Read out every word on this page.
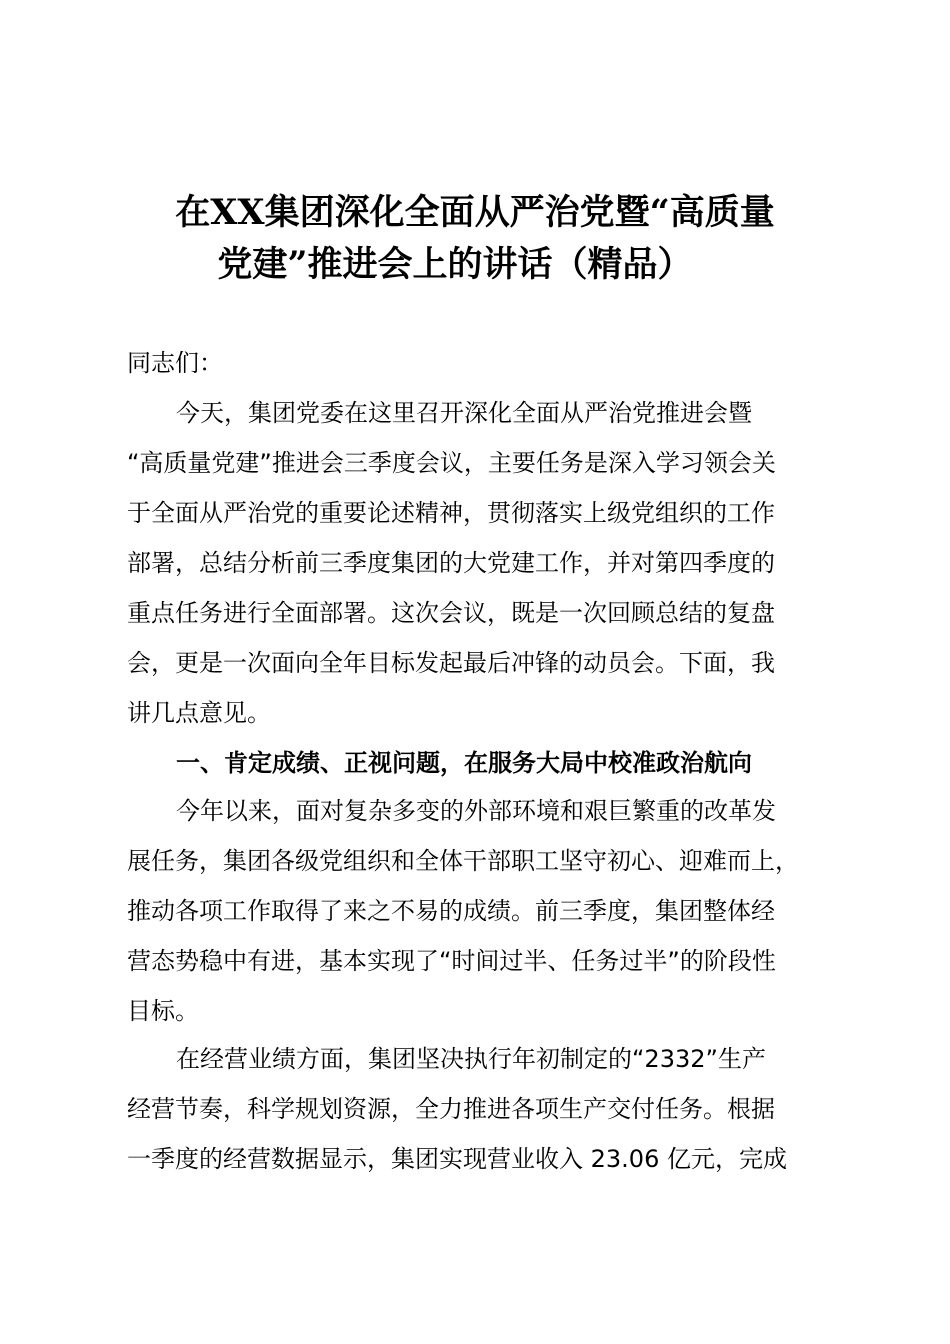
在XX集团深化全面从严治党暨“高质量
党建”推进会上的讲话（精品）
同志们：
今天，集团党委在这里召开深化全面从严治党推进会暨
“高质量党建”推进会三季度会议，主要任务是深入学习领会关
于全面从严治党的重要论述精神，贯彻落实上级党组织的工作
部署，总结分析前三季度集团的大党建工作，并对第四季度的
重点任务进行全面部署。这次会议，既是一次回顾总结的复盘
会，更是一次面向全年目标发起最后冲锋的动员会。下面，我
讲几点意见。
一、肯定成绩、正视问题，在服务大局中校准政治航向
今年以来，面对复杂多变的外部环境和艰巨繁重的改革发
展任务，集团各级党组织和全体干部职工坚守初心、迎难而上，
推动各项工作取得了来之不易的成绩。前三季度，集团整体经
营态势稳中有进，基本实现了“时间过半、任务过半”的阶段性
目标。
在经营业绩方面，集团坚决执行年初制定的“2332”生产
经营节奏，科学规划资源，全力推进各项生产交付任务。根据
一季度的经营数据显示，集团实现营业收入 23.06 亿元，完成
